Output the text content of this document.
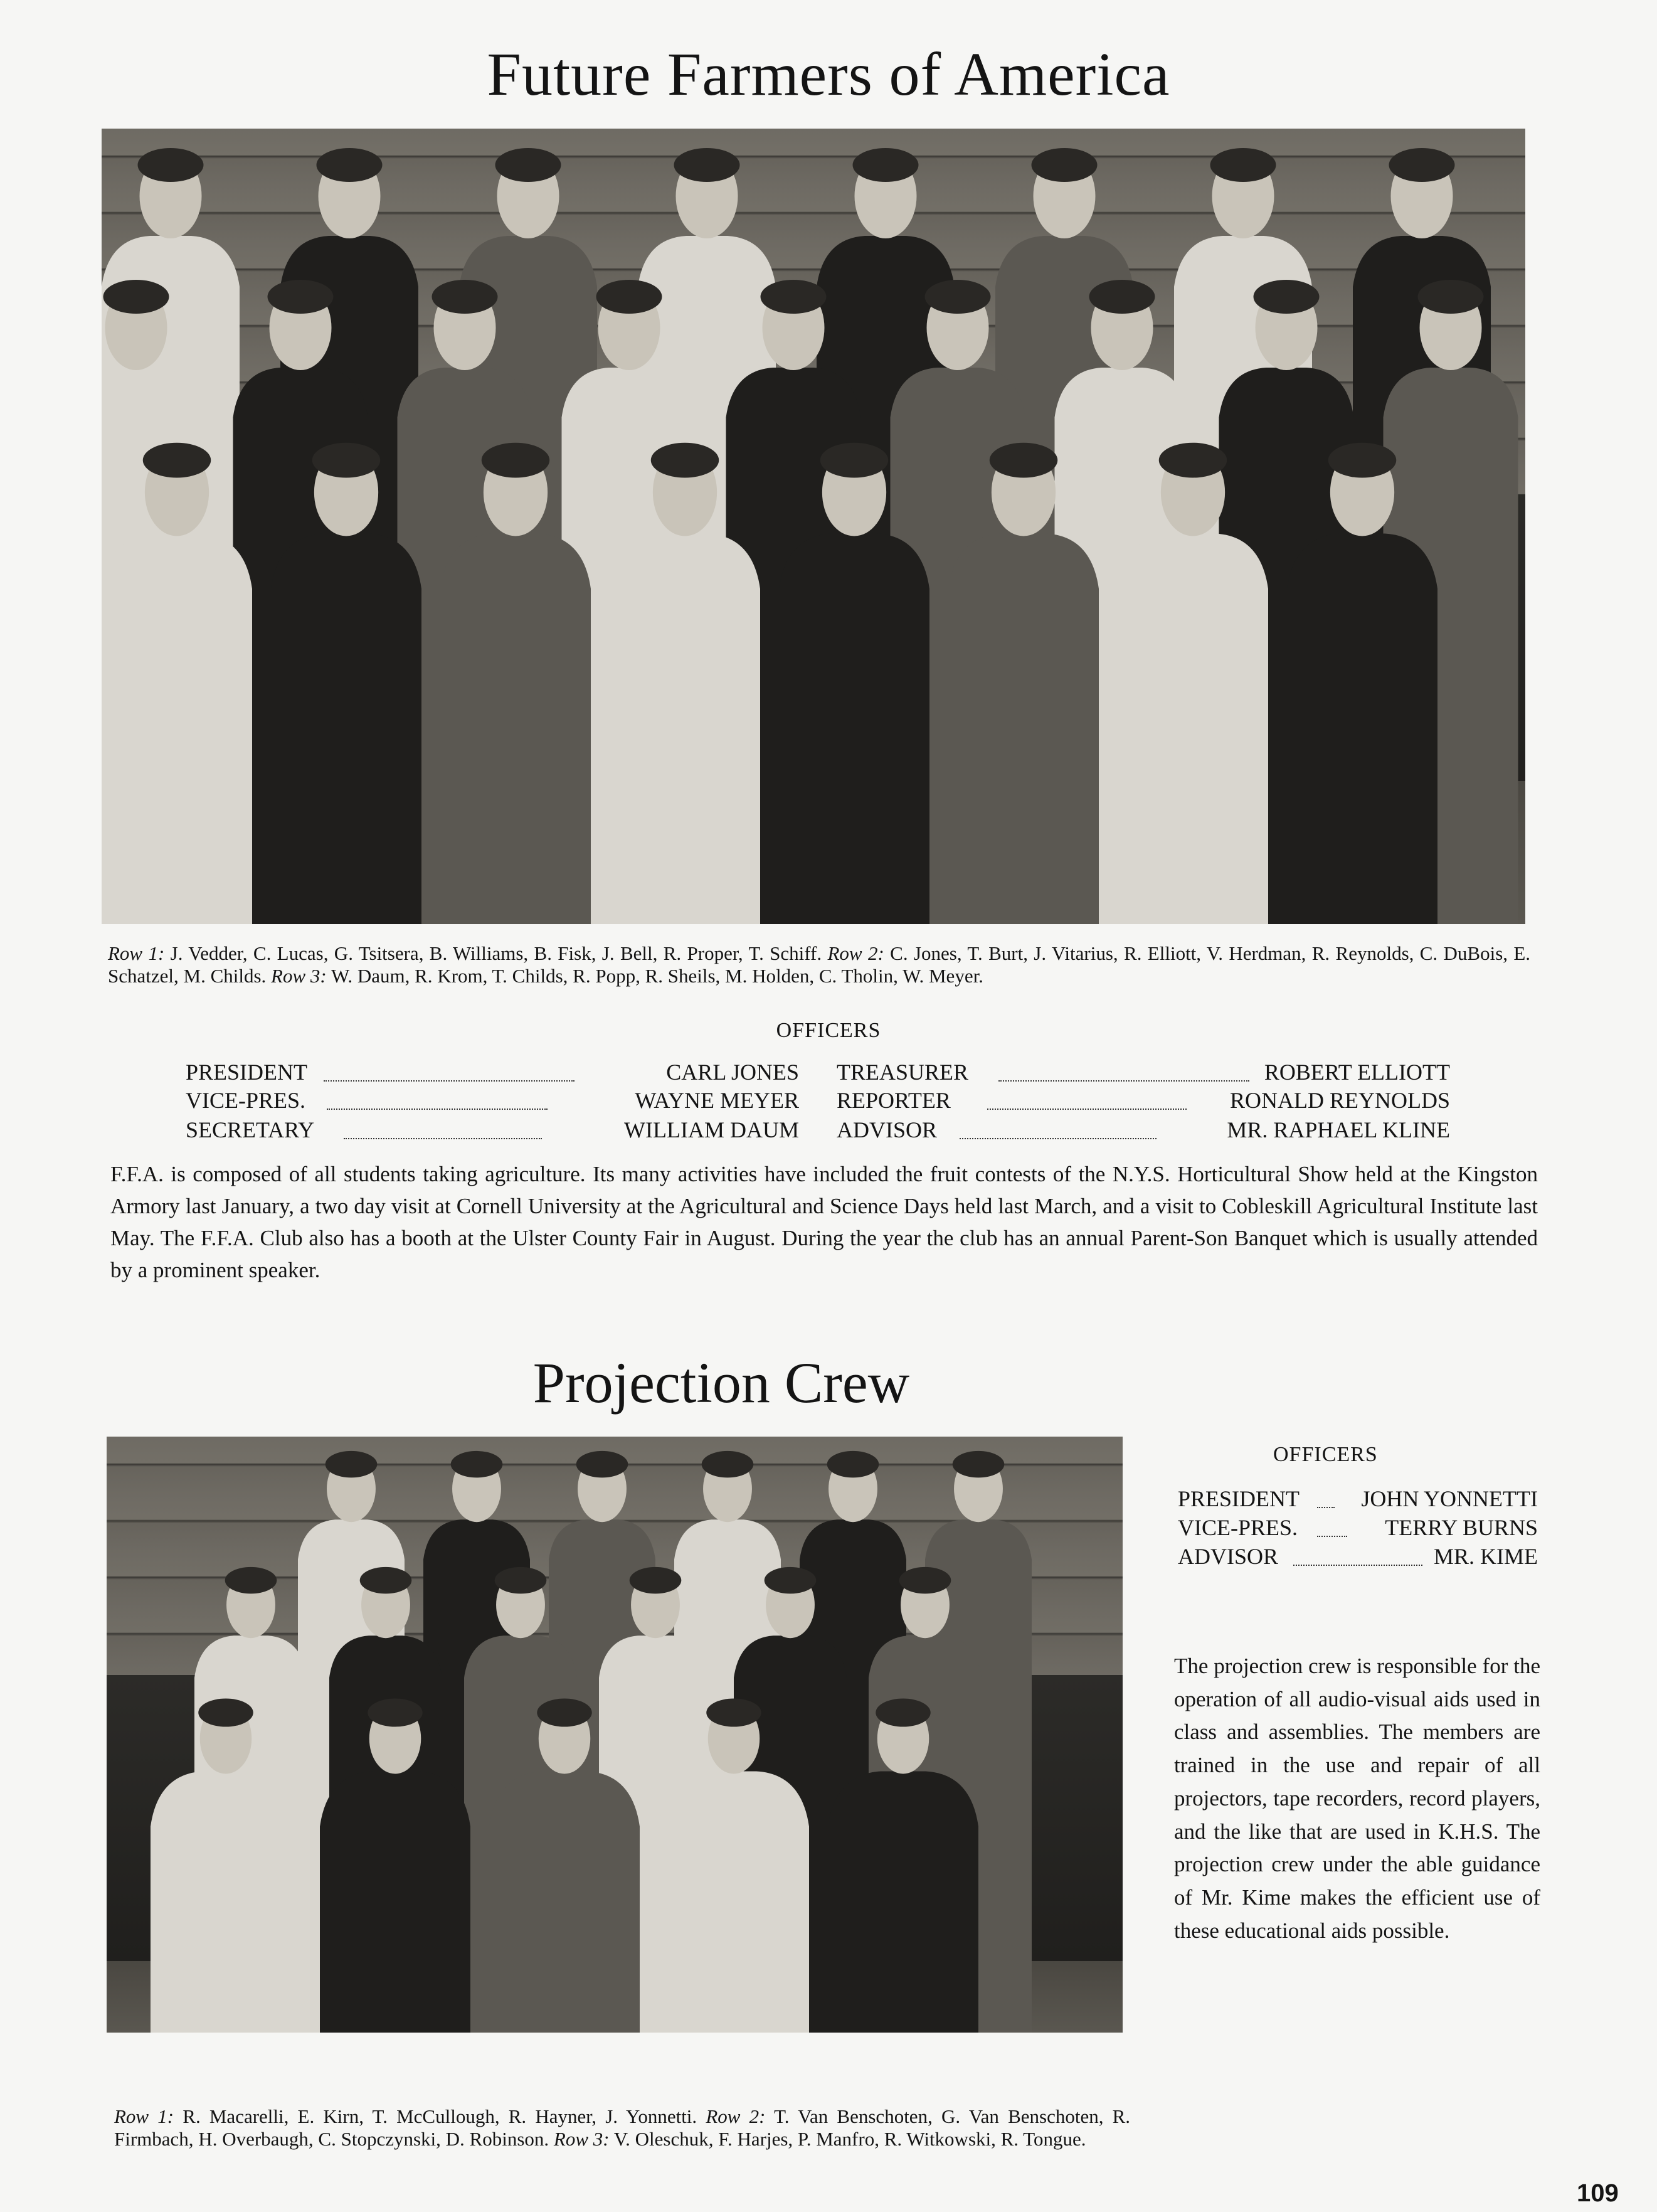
Future Farmers of America
Row 1: J. Vedder, C. Lucas, G. Tsitsera, B. Williams, B. Fisk, J. Bell, R. Proper, T. Schiff. Row 2: C. Jones, T. Burt, J. Vitarius, R. Elliott, V. Herdman, R. Reynolds, C. DuBois, E. Schatzel, M. Childs. Row 3: W. Daum, R. Krom, T. Childs, R. Popp, R. Sheils, M. Holden, C. Tholin, W. Meyer.
OFFICERS
PRESIDENT	CARL JONES
VICE-PRES.	WAYNE MEYER
SECRETARY	WILLIAM DAUM
TREASURER	ROBERT ELLIOTT
REPORTER	RONALD REYNOLDS
ADVISOR	MR. RAPHAEL KLINE
F.F.A. is composed of all students taking agriculture. Its many activities have included the fruit contests of the N.Y.S. Horticultural Show held at the Kingston Armory last January, a two day visit at Cornell University at the Agricultural and Science Days held last March, and a visit to Cobleskill Agricultural Institute last May. The F.F.A. Club also has a booth at the Ulster County Fair in August. During the year the club has an annual Parent-Son Banquet which is usually attended by a prominent speaker.
Projection Crew
OFFICERS
PRESIDENT	JOHN YONNETTI
VICE-PRES.	TERRY BURNS
ADVISOR	MR. KIME
The projection crew is responsible for the operation of all audio-visual aids used in class and assemblies. The members are trained in the use and repair of all projectors, tape recorders, record players, and the like that are used in K.H.S. The projection crew under the able guidance of Mr. Kime makes the efficient use of these educational aids possible.
Row 1: R. Macarelli, E. Kirn, T. McCullough, R. Hayner, J. Yonnetti. Row 2: T. Van Benschoten, G. Van Benschoten, R. Firmbach, H. Overbaugh, C. Stopczynski, D. Robinson. Row 3: V. Oleschuk, F. Harjes, P. Manfro, R. Witkowski, R. Tongue.
109
